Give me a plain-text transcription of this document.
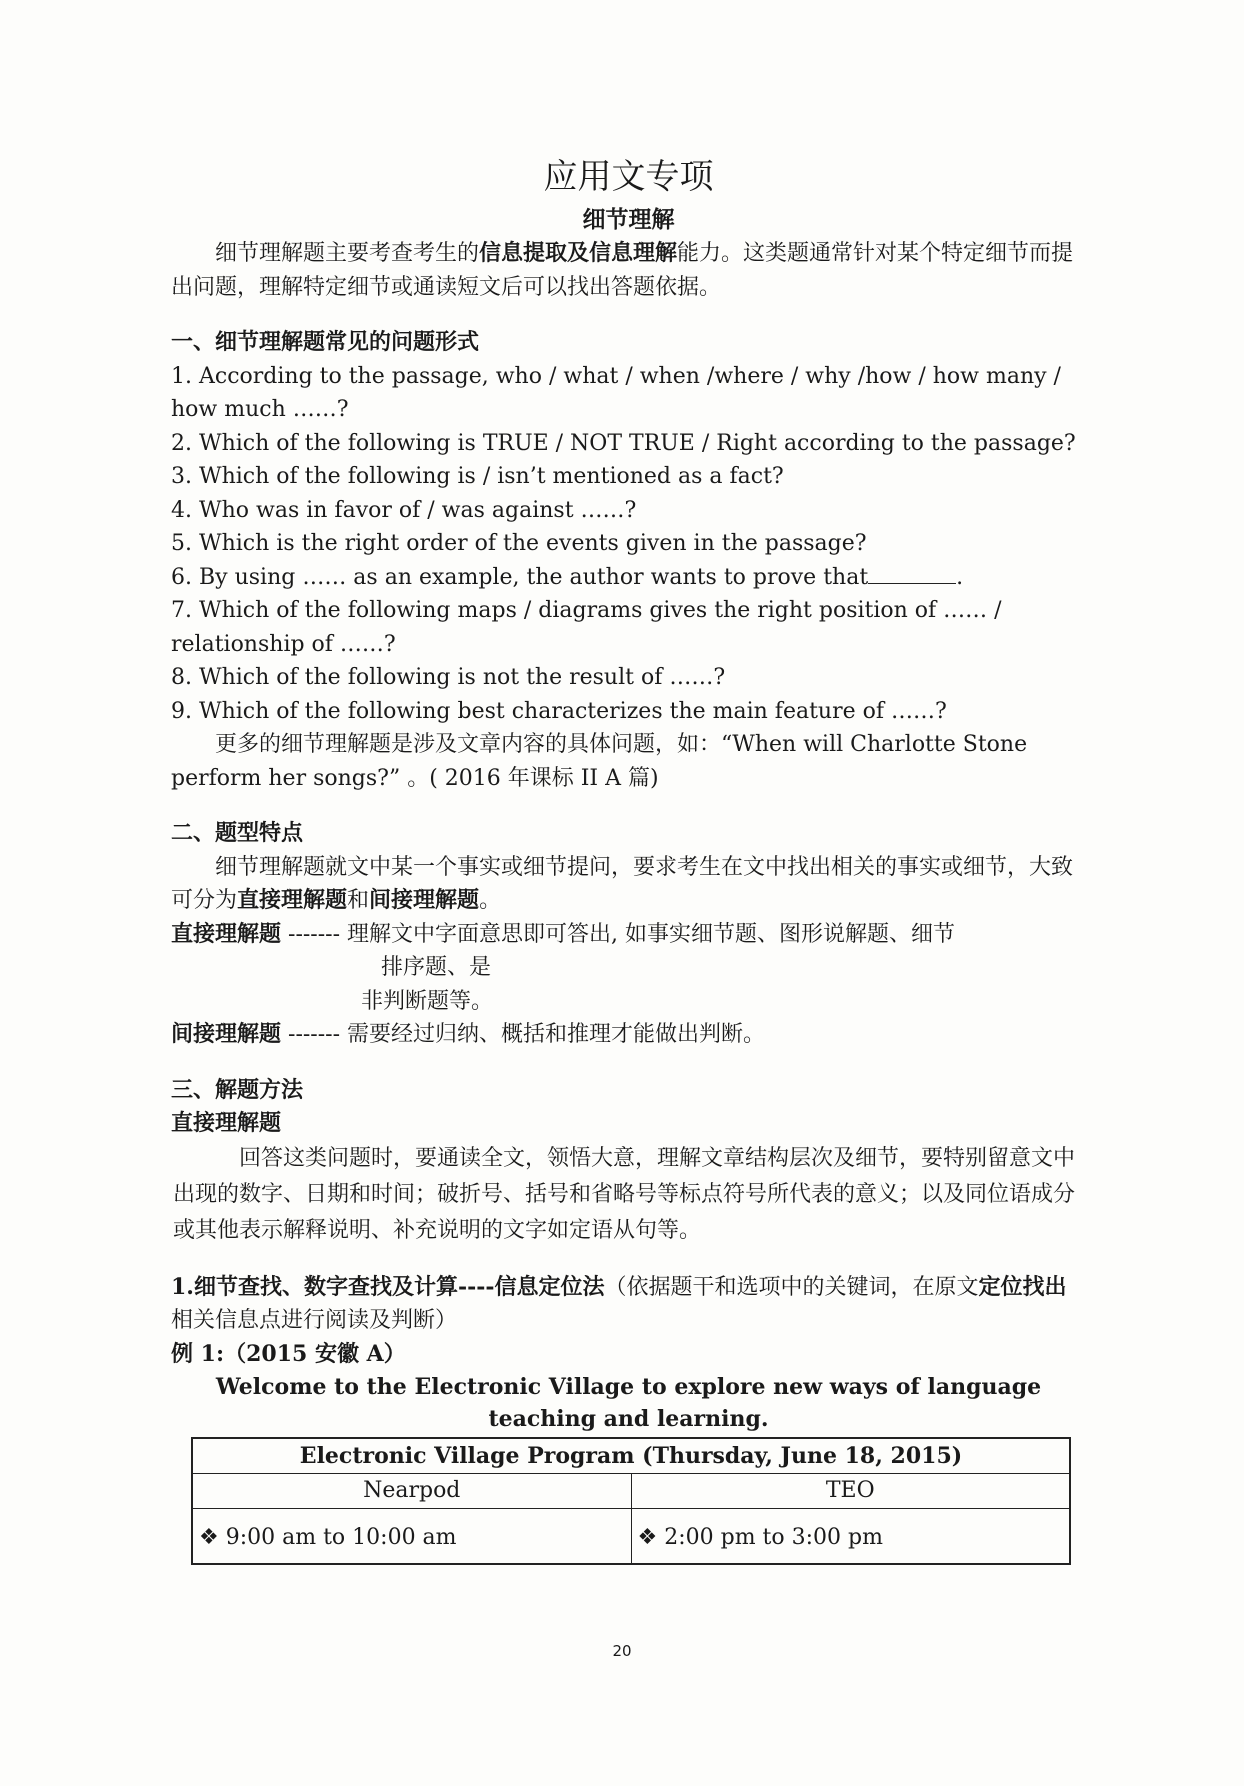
应用文专项
细节理解

细节理解题主要考查考生的信息提取及信息理解能力。这类题通常针对某个特定细节而提出问题，理解特定细节或通读短文后可以找出答题依据。

一、细节理解题常见的问题形式

1. According to the passage, who / what / when /where / why /how / how many / how much ……?

2. Which of the following is TRUE / NOT TRUE / Right according to the passage?

3. Which of the following is / isn’t mentioned as a fact?

4. Who was in favor of / was against ……?

5. Which is the right order of the events given in the passage?

6. By using …… as an example, the author wants to prove that	.

7. Which of the following maps / diagrams gives the right position of …… / relationship of ……?

8. Which of the following is not the result of ……?

9. Which of the following best characterizes the main feature of ……?

更多的细节理解题是涉及文章内容的具体问题，如：“When will Charlotte Stone perform her songs?” 。( 2016 年课标 II A 篇)

二、题型特点

细节理解题就文中某一个事实或细节提问，要求考生在文中找出相关的事实或细节，大致可分为直接理解题和间接理解题。

直接理解题 ------- 理解文中字面意思即可答出, 如事实细节题、图形说解题、细节

排序题、是

非判断题等。

间接理解题 ------- 需要经过归纳、概括和推理才能做出判断。

三、解题方法

直接理解题

回答这类问题时，要通读全文，领悟大意，理解文章结构层次及细节，要特别留意文中出现的数字、日期和时间；破折号、括号和省略号等标点符号所代表的意义；以及同位语成分或其他表示解释说明、补充说明的文字如定语从句等。

1.细节查找、数字查找及计算----信息定位法（依据题干和选项中的关键词，在原文定位找出相关信息点进行阅读及判断）

例 1:（2015 安徽 A）

Welcome to the Electronic Village to explore new ways of language teaching and learning.

Electronic Village Program (Thursday, June 18, 2015)	
Nearpod	TEO
❖ 9:00 am to 10:00 am	❖ 2:00 pm to 3:00 pm
20
